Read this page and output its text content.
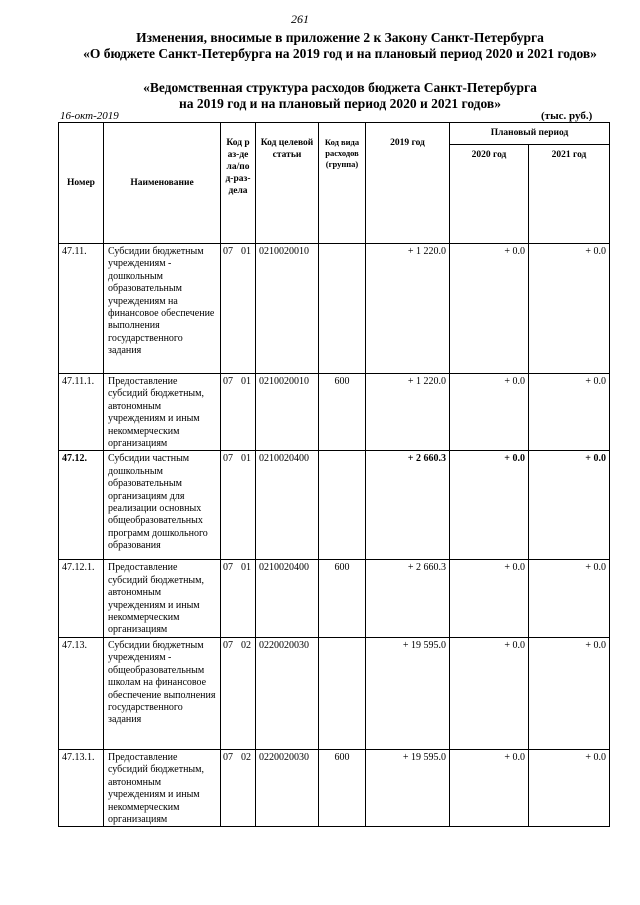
261
Изменения, вносимые в приложение 2 к Закону Санкт-Петербурга
«О бюджете Санкт-Петербурга на 2019 год и на плановый период 2020 и 2021 годов»
«Ведомственная структура расходов бюджета Санкт-Петербурга
на 2019 год и на плановый период 2020 и 2021 годов»
16-окт-2019	(тыс. руб.)
Номер	Наименование	Код раз-дела/под-раз-дела		Код целевой статьи	Код вида расходов (группа)	2019 год	Плановый период	
							2020 год	2021 год
47.11.	Субсидии бюджетным учреждениям - дошкольным образовательным учреждениям на финансовое обеспечение выполнения государственного задания	07	01	0210020010		+ 1 220.0	+ 0.0	+ 0.0
47.11.1.	Предоставление субсидий бюджетным, автономным учреждениям и иным некоммерческим организациям	07	01	0210020010	600	+ 1 220.0	+ 0.0	+ 0.0
47.12.	Субсидии частным дошкольным образовательным организациям для реализации основных общеобразовательных программ дошкольного образования	07	01	0210020400		+ 2 660.3	+ 0.0	+ 0.0
47.12.1.	Предоставление субсидий бюджетным, автономным учреждениям и иным некоммерческим организациям	07	01	0210020400	600	+ 2 660.3	+ 0.0	+ 0.0
47.13.	Субсидии бюджетным учреждениям - общеобразовательным школам на финансовое обеспечение выполнения государственного задания	07	02	0220020030		+ 19 595.0	+ 0.0	+ 0.0
47.13.1.	Предоставление субсидий бюджетным, автономным учреждениям и иным некоммерческим организациям	07	02	0220020030	600	+ 19 595.0	+ 0.0	+ 0.0
